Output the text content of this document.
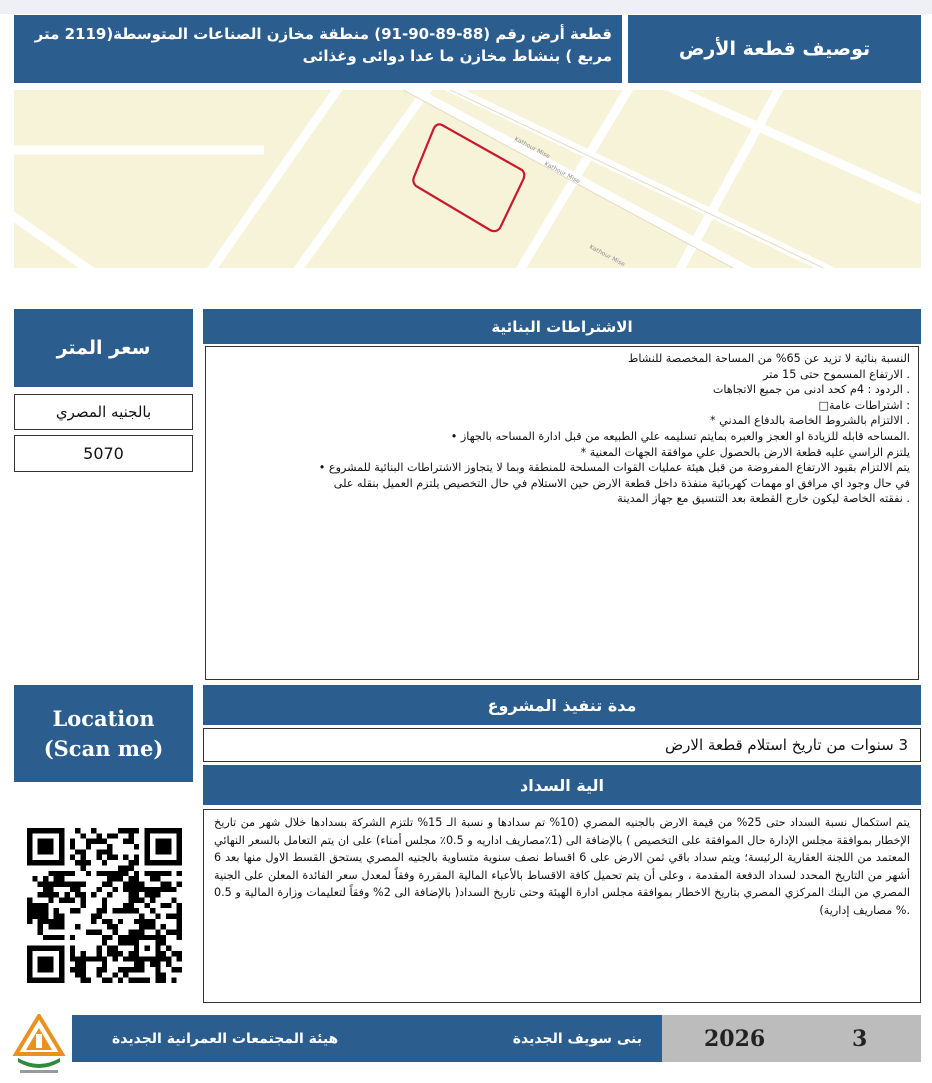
قطعة أرض رقم (88-89-90-91) منطقة مخازن الصناعات المتوسطة(2119 متر مربع ) بنشاط مخازن ما عدا دوائى وغذائى	توصيف قطعة الأرض
Kathour Mise
Kathour Mise
Kathour Mise
سعر المتر
بالجنيه المصري
5070
الاشتراطات البنائية
النسبة بنائية لا تزيد عن 65% من المساحة المخصصة للنشاط
. الارتفاع المسموح حتى 15 متر
. الردود : 4م كحد ادنى من جميع الاتجاهات
: اشتراطات عامة□
. الالتزام بالشروط الخاصة بالدفاع المدني *
.المساحه قابله للزيادة او العجز والعبره بمايتم تسليمه علي الطبيعه من قبل ادارة المساحه بالجهاز •
يلتزم الراسي عليه قطعة الارض بالحصول علي موافقة الجهات المعنية *
يتم الالتزام بقيود الارتفاع المفروضة من قبل هيئة عمليات القوات المسلحة للمنطقة وبما لا يتجاوز الاشتراطات البنائية للمشروع •
في حال وجود اي مرافق او مهمات كهربائية منفذة داخل قطعة الارض حين الاستلام في حال التخصيص يلتزم العميل بنقله على
. نفقته الخاصة ليكون خارج القطعة بعد التنسيق مع جهاز المدينة
Location
(Scan me)
مدة تنفيذ المشروع
3 سنوات من تاريخ استلام قطعة الارض
الية السداد
يتم استكمال نسبة السداد حتى 25% من قيمة الارض بالجنيه المصري (10% تم سدادها و نسبة الـ 15% تلتزم الشركة بسدادها خلال شهر من تاريخ الإخطار بموافقة مجلس الإدارة حال الموافقة على التخصيص ) بالإضافة الى (1٪مصاريف اداريه و 0.5٪ مجلس أمناء) على ان يتم التعامل بالسعر النهائي المعتمد من اللجنة العقارية الرئيسة؛ ويتم سداد باقي ثمن الارض على 6 اقساط نصف سنوية متساوية بالجنيه المصري يستحق القسط الاول منها بعد 6 أشهر من التاريخ المحدد لسداد الدفعة المقدمة ، وعلى أن يتم تحميل كافة الاقساط بالأعباء المالية المقررة وفقاً لمعدل سعر الفائدة المعلن على الجنية المصري من البنك المركزي المصري بتاريخ الاخطار بموافقة مجلس ادارة الهيئة وحتى تاريخ السداد( بالإضافة الى 2% وفقاً لتعليمات وزارة المالية و 0.5 .% مصاريف إدارية)
بنى سويف الجديدة
هيئة المجتمعات العمرانية الجديدة	2026	3
